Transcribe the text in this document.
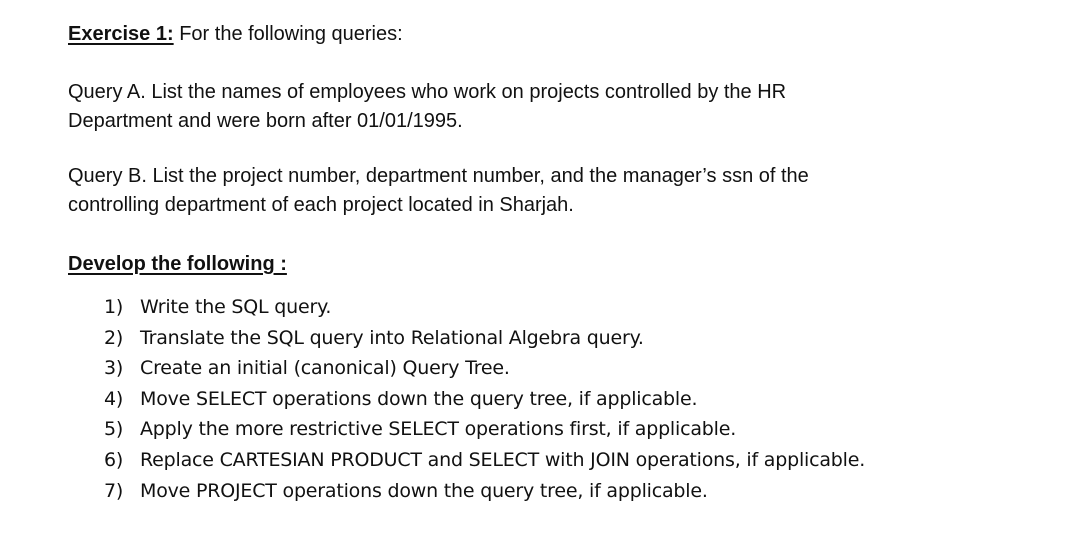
Exercise 1: For the following queries:
Query A. List the names of employees who work on projects controlled by the HR
Department and were born after 01/01/1995.
Query B. List the project number, department number, and the manager’s ssn of the
controlling department of each project located in Sharjah.
Develop the following :
1) Write the SQL query.
2) Translate the SQL query into Relational Algebra query.
3) Create an initial (canonical) Query Tree.
4) Move SELECT operations down the query tree, if applicable.
5) Apply the more restrictive SELECT operations first, if applicable.
6) Replace CARTESIAN PRODUCT and SELECT with JOIN operations, if applicable.
7) Move PROJECT operations down the query tree, if applicable.
